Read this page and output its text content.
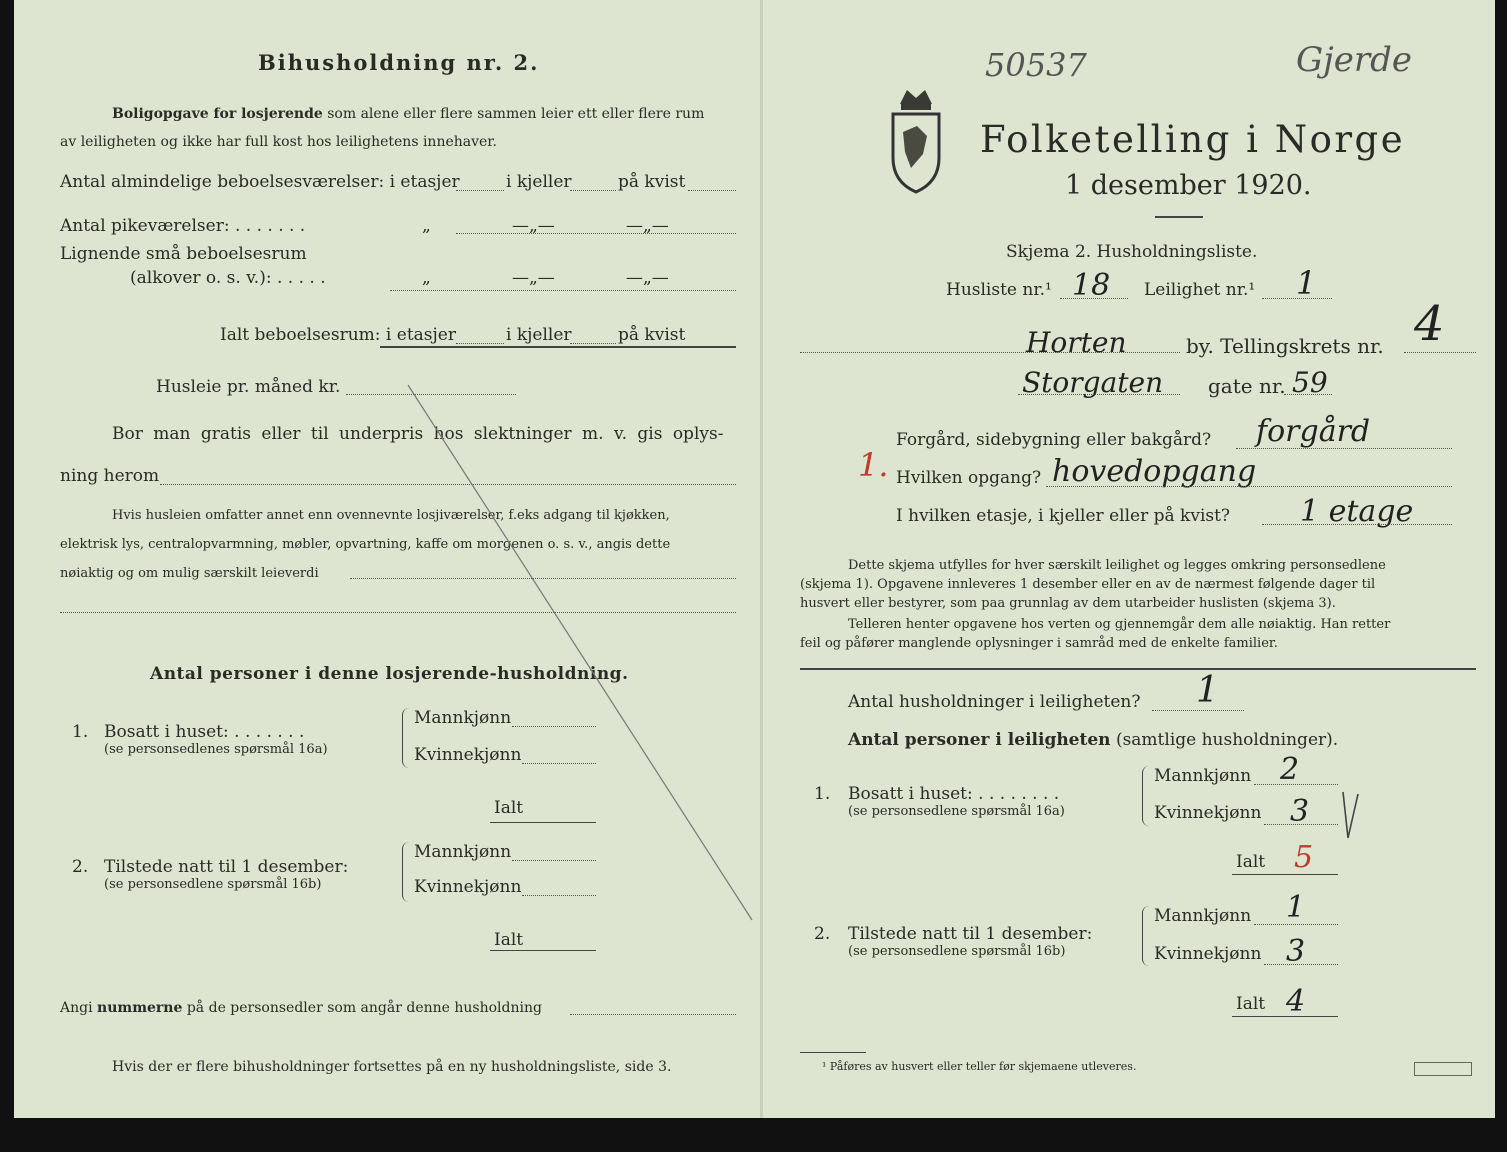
Bihusholdning nr. 2.
Boligopgave for losjerende som alene eller flere sammen leier ett eller flere rum
av leiligheten og ikke har full kost hos leilighetens innehaver.
Antal almindelige beboelsesværelser: i etasjer	i kjeller	på kvist
Antal pikeværelser: . . . . . . .	„	—„—	—„—
Lignende små beboelsesrum
(alkover o. s. v.): . . . . .	„	—„—	—„—
Ialt beboelsesrum: i etasjer	i kjeller	på kvist
Husleie pr. måned kr.
Bor man gratis eller til underpris hos slektninger m. v. gis oplys-
ning herom
Hvis husleien omfatter annet enn ovennevnte losjiværelser, f.eks adgang til kjøkken,
elektrisk lys, centralopvarmning, møbler, opvartning, kaffe om morgenen o. s. v., angis dette
nøiaktig og om mulig særskilt leieverdi
Antal personer i denne losjerende-husholdning.
1. Bosatt i huset: . . . . . . .
(se personsedlenes spørsmål 16a)
Mannkjønn
Kvinnekjønn
Ialt
2. Tilstede natt til 1 desember:
(se personsedlene spørsmål 16b)
Mannkjønn
Kvinnekjønn
Ialt
Angi nummerne på de personsedler som angår denne husholdning
Hvis der er flere bihusholdninger fortsettes på en ny husholdningsliste, side 3.
50537	Gjerde
Folketelling i Norge
1 desember 1920.
Skjema 2. Husholdningsliste.
Husliste nr.¹ 18 Leilighet nr.¹ 1
Horten	by. Tellingskrets nr. 4
Storgaten gate nr. 59
Forgård, sidebygning eller bakgård? forgård
1. Hvilken opgang? hovedopgang
I hvilken etasje, i kjeller eller på kvist? 1 etage
Dette skjema utfylles for hver særskilt leilighet og legges omkring personsedlene
(skjema 1). Opgavene innleveres 1 desember eller en av de nærmest følgende dager til
husvert eller bestyrer, som paa grunnlag av dem utarbeider huslisten (skjema 3).
Telleren henter opgavene hos verten og gjennemgår dem alle nøiaktig. Han retter
feil og påfører manglende oplysninger i samråd med de enkelte familier.
Antal husholdninger i leiligheten? 1
Antal personer i leiligheten (samtlige husholdninger).
1. Bosatt i huset: . . . . . . . .
(se personsedlene spørsmål 16a)
Mannkjønn 2
Kvinnekjønn 3
Ialt 5
2. Tilstede natt til 1 desember:
(se personsedlene spørsmål 16b)
Mannkjønn 1
Kvinnekjønn 3
Ialt 4
¹ Påføres av husvert eller teller før skjemaene utleveres.
